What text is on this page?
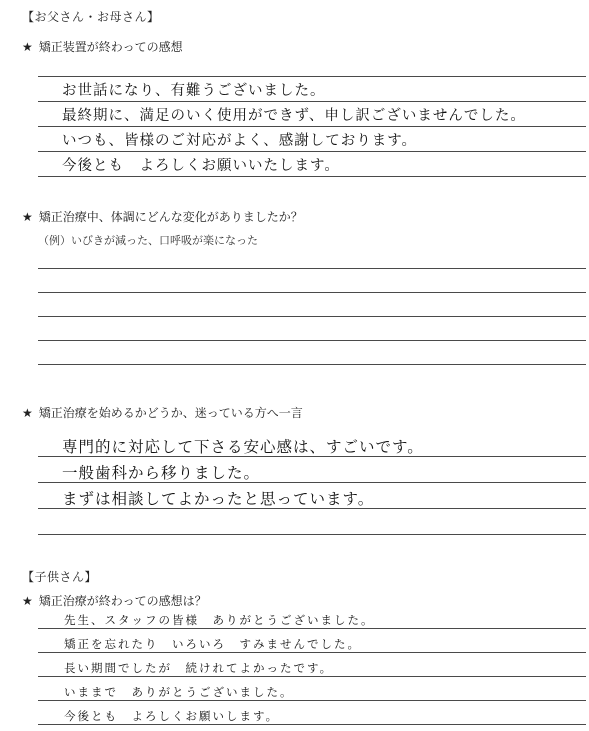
【お父さん・お母さん】
★ 矯正装置が終わっての感想
お世話になり、有難うございました。
最終期に、満足のいく使用ができず、申し訳ございませんでした。
いつも、皆様のご対応がよく、感謝しております。
今後とも　よろしくお願いいたします。
★ 矯正治療中、体調にどんな変化がありましたか？
（例）いびきが減った、口呼吸が楽になった
★ 矯正治療を始めるかどうか、迷っている方へ一言
専門的に対応して下さる安心感は、すごいです。
一般歯科から移りました。
まずは相談してよかったと思っています。
【子供さん】
★ 矯正治療が終わっての感想は？
先生、スタッフの皆様　ありがとうございました。
矯正を忘れたり　いろいろ　すみませんでした。
長い期間でしたが　続けれてよかったです。
いままで　ありがとうございました。
今後とも　よろしくお願いします。
